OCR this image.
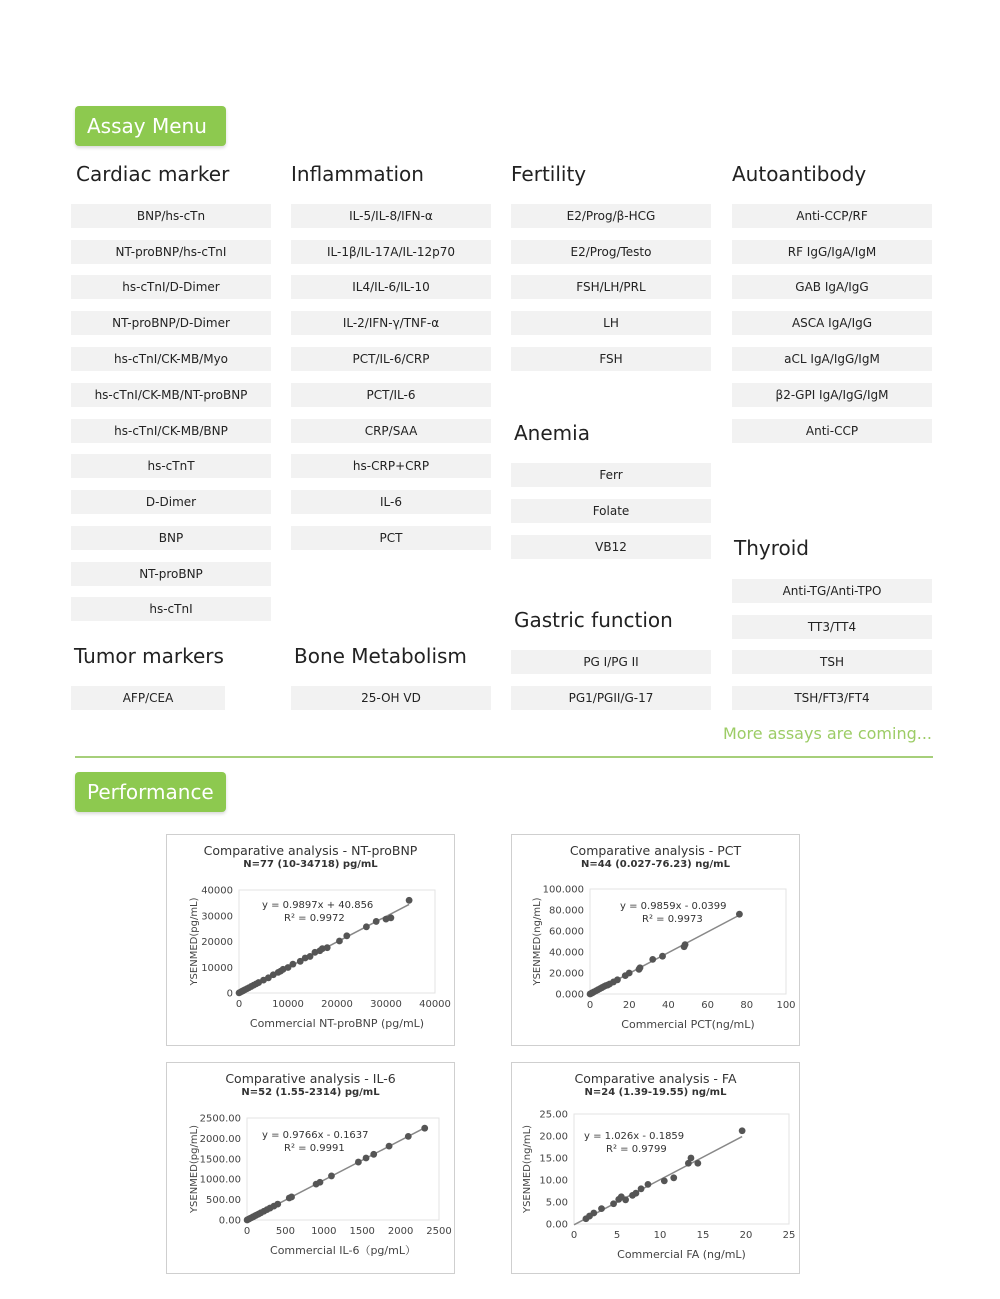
Assay Menu
Cardiac marker	Inflammation	Fertility	Autoantibody
Anemia
Thyroid
Gastric function
Tumor markers	Bone Metabolism
BNP/hs-cTn
NT-proBNP/hs-cTnI
hs-cTnI/D-Dimer
NT-proBNP/D-Dimer
hs-cTnI/CK-MB/Myo
hs-cTnI/CK-MB/NT-proBNP
hs-cTnI/CK-MB/BNP
hs-cTnT
D-Dimer
BNP
NT-proBNP
hs-cTnI
AFP/CEA
IL-5/IL-8/IFN-α
IL-1β/IL-17A/IL-12p70
IL4/IL-6/IL-10
IL-2/IFN-γ/TNF-α
PCT/IL-6/CRP
PCT/IL-6
CRP/SAA
hs-CRP+CRP
IL-6
PCT
25-OH VD
E2/Prog/β-HCG
E2/Prog/Testo
FSH/LH/PRL
LH
FSH
Ferr
Folate
VB12
PG I/PG II
PG1/PGII/G-17
Anti-CCP/RF
RF IgG/IgA/IgM
GAB IgA/IgG
ASCA IgA/IgG
aCL IgA/IgG/IgM
β2-GPI IgA/IgG/IgM
Anti-CCP
Anti-TG/Anti-TPO
TT3/TT4
TSH
TSH/FT3/FT4
More assays are coming...
Performance
Comparative analysis - NT-proBNP
N=77 (10-34718) pg/mL
0
10000
20000
30000
40000
0	10000 20000 30000 40000
Commercial NT-proBNP (pg/mL)
YSENMED(pg/mL)	y = 0.9897x + 40.856
R² = 0.9972
Comparative analysis - PCT
N=44 (0.027-76.23) ng/mL
0.000
20.000
40.000
60.000
80.000
100.000
0	20	40	60	80 100
Commercial PCT(ng/mL)
YSENMED(ng/mL)	y = 0.9859x - 0.0399
R² = 0.9973
Comparative analysis - IL-6
N=52 (1.55-2314) pg/mL
0.00
500.00
1000.00
1500.00
2000.00
2500.00
0	500 1000 1500 2000 2500
Commercial IL-6（pg/mL）
YSENMED(pg/mL)	y = 0.9766x - 0.1637
R² = 0.9991
Comparative analysis - FA
N=24 (1.39-19.55) ng/mL
0.00
5.00
10.00
15.00
20.00
25.00
0	5	10	15	20	25
Commercial FA (ng/mL)
YSENMED(ng/mL)	y = 1.026x - 0.1859
R² = 0.9799
